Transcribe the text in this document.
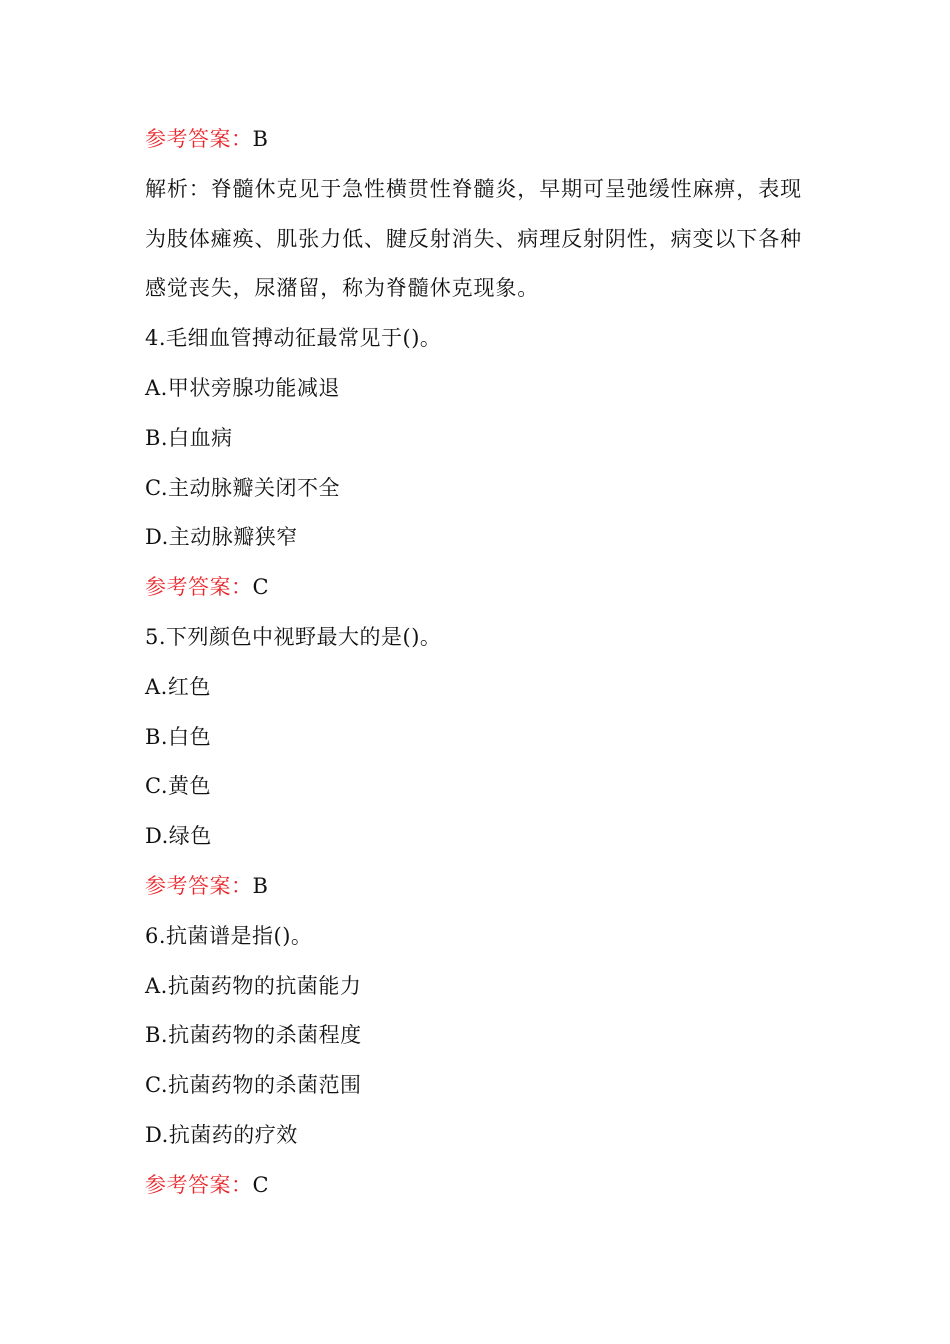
参考答案：B
解析：脊髓休克见于急性横贯性脊髓炎，早期可呈弛缓性麻痹，表现
为肢体瘫痪、肌张力低、腱反射消失、病理反射阴性，病变以下各种
感觉丧失，尿潴留，称为脊髓休克现象。
4.毛细血管搏动征最常见于()。
A.甲状旁腺功能减退
B.白血病
C.主动脉瓣关闭不全
D.主动脉瓣狭窄
参考答案：C
5.下列颜色中视野最大的是()。
A.红色
B.白色
C.黄色
D.绿色
参考答案：B
6.抗菌谱是指()。
A.抗菌药物的抗菌能力
B.抗菌药物的杀菌程度
C.抗菌药物的杀菌范围
D.抗菌药的疗效
参考答案：C
